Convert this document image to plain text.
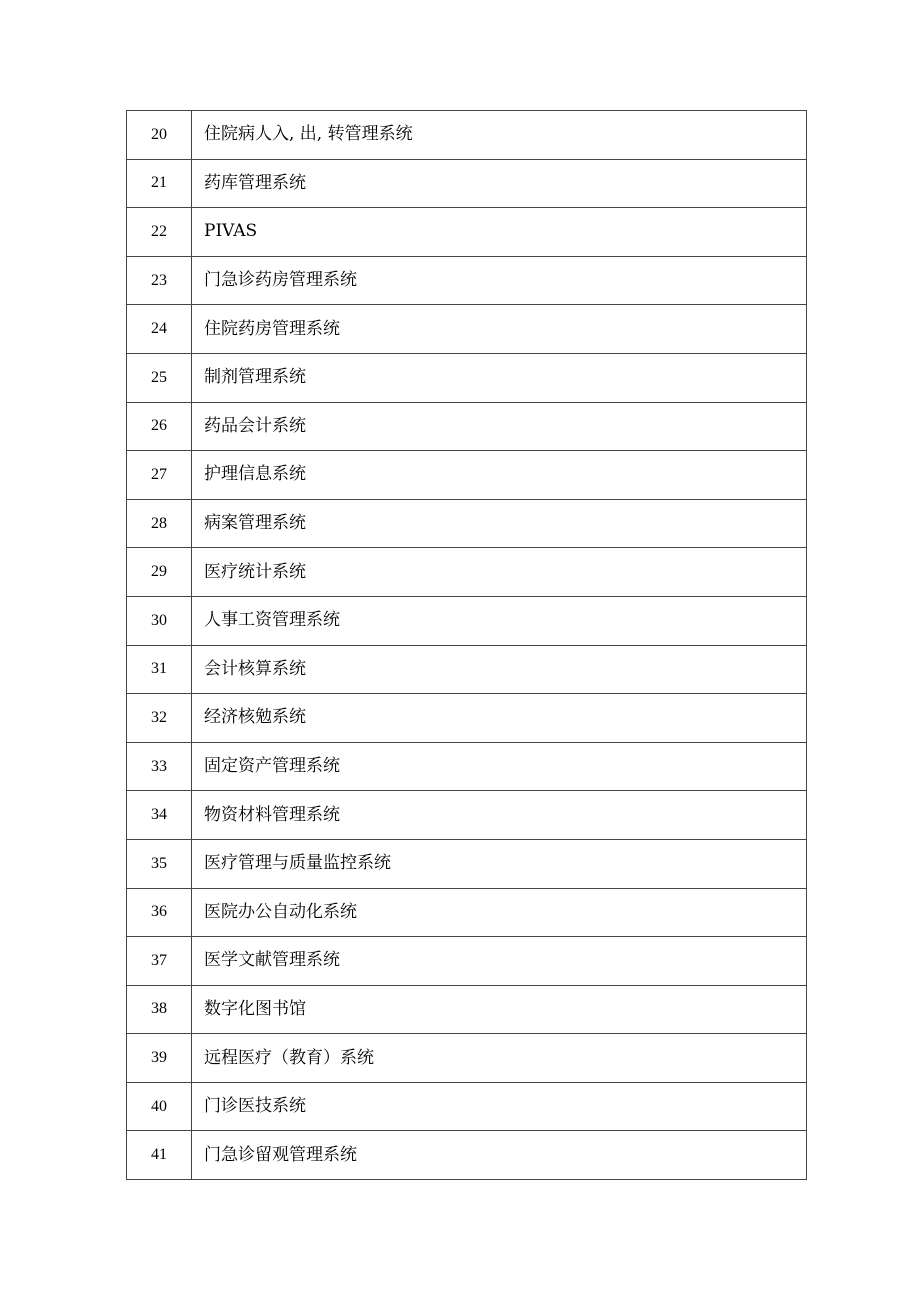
20	住院病人入, 出, 转管理系统
21	药库管理系统
22	PIVAS
23	门急诊药房管理系统
24	住院药房管理系统
25	制剂管理系统
26	药品会计系统
27	护理信息系统
28	病案管理系统
29	医疗统计系统
30	人事工资管理系统
31	会计核算系统
32	经济核勉系统
33	固定资产管理系统
34	物资材料管理系统
35	医疗管理与质量监控系统
36	医院办公自动化系统
37	医学文献管理系统
38	数字化图书馆
39	远程医疗（教育）系统
40	门诊医技系统
41	门急诊留观管理系统
